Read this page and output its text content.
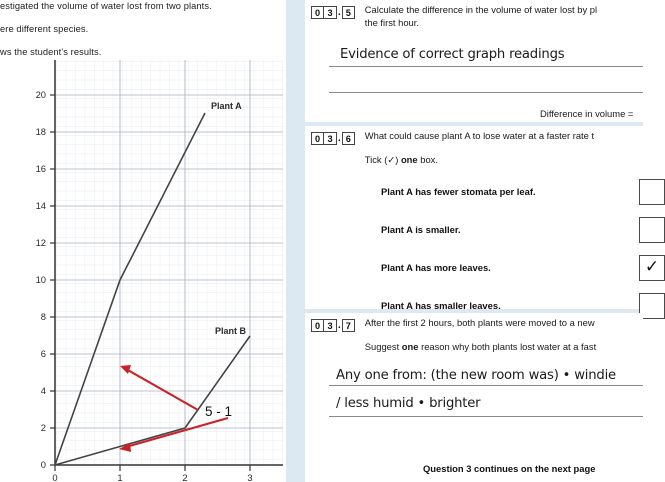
estigated the volume of water lost from two plants.
ere different species.
ws the student's results.
0
2
4
6
8
10
12
14
16
18
20
0	1	2	3
Plant A
Plant B
5 - 1
0 3 . 5	Calculate the difference in the volume of water lost by pl
the first hour.
Evidence of correct graph readings
Difference in volume =
0 3 . 6	What could cause plant A to lose water at a faster rate t
Tick (✓) one box.
Plant A has fewer stomata per leaf.
Plant A is smaller.
Plant A has more leaves.	✓
Plant A has smaller leaves.
0 3 . 7	After the first 2 hours, both plants were moved to a new
Suggest one reason why both plants lost water at a fast
Any one from: (the new room was) • windie
/ less humid • brighter
Question 3 continues on the next page
